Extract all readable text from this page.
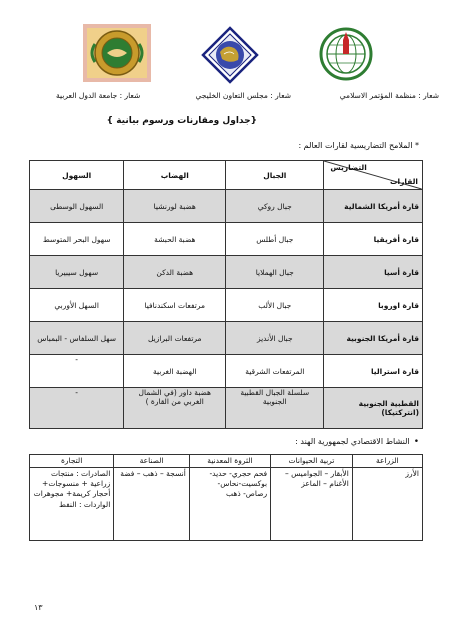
شعار : منظمة المؤتمر الاسلامي
شعار : مجلس التعاون الخليجي
شعار : جامعة الدول العربية
{جداول ومقارنات ورسوم بيانية }
* الملامح التضاريسية لقارات العالم :
التضاريس
القارات	الجبال	الهضاب	السهول
قارة أمريكا الشمالية	جبال روكي	هضبة لورنشيا	السهول الوسطى
قارة أفريقيا	جبال أطلس	هضبة الحبشة	سهول البحر المتوسط
قارة أسيا	جبال الهملايا	هضبة الدكن	سهول سيبيريا
قارة اوروبا	جبال الألب	مرتفعات اسكندنافيا	السهل الأوربي
قارة أمريكا الجنوبية	جبال الأنديز	مرتفعات البرازيل	سهل السلفاس - البمباس
قارة استراليا	المرتفعات الشرقية	الهضبة الغربية	-
القطبية الجنوبية (انتركتيكا)	سلسلة الجبال القطبية الجنوبية	هضبة داور (في الشمال الغربي من القارة )	-
•النشاط الاقتصادي لجمهورية الهند :
الزراعة	تربية الحيوانات	الثروة المعدنية	الصناعة	التجارة
الأرز	الأبقار – الجواميس – الأغنام – الماعز	فحم حجري- حديد- بوكسيت-نحاس- رصاص- ذهب	أنسجة – ذهب – فضة	الصادرات : منتجات زراعية + منسوجات+ أحجار كريمة+ مجوهرات الواردات : النفط
١٣
